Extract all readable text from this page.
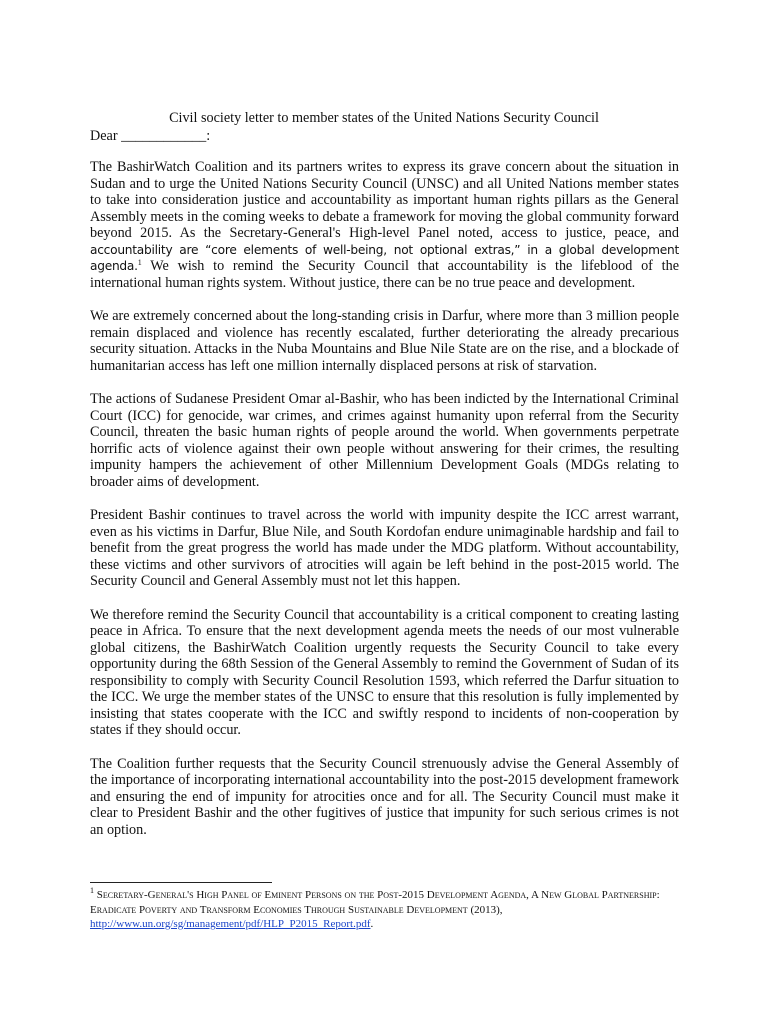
Civil society letter to member states of the United Nations Security Council
Dear ____________:

The BashirWatch Coalition and its partners writes to express its grave concern about the situation in Sudan and to urge the United Nations Security Council (UNSC) and all United Nations member states to take into consideration justice and accountability as important human rights pillars as the General Assembly meets in the coming weeks to debate a framework for moving the global community forward beyond 2015. As the Secretary-General's High-level Panel noted, access to justice, peace, and accountability are “core elements of well-being, not optional extras,” in a global development agenda.$^1$ We wish to remind the Security Council that accountability is the lifeblood of the international human rights system. Without justice, there can be no true peace and development.

We are extremely concerned about the long-standing crisis in Darfur, where more than 3 million people remain displaced and violence has recently escalated, further deteriorating the already precarious security situation. Attacks in the Nuba Mountains and Blue Nile State are on the rise, and a blockade of humanitarian access has left one million internally displaced persons at risk of starvation.

The actions of Sudanese President Omar al-Bashir, who has been indicted by the International Criminal Court (ICC) for genocide, war crimes, and crimes against humanity upon referral from the Security Council, threaten the basic human rights of people around the world. When governments perpetrate horrific acts of violence against their own people without answering for their crimes, the resulting impunity hampers the achievement of other Millennium Development Goals (MDGs relating to broader aims of development.

President Bashir continues to travel across the world with impunity despite the ICC arrest warrant, even as his victims in Darfur, Blue Nile, and South Kordofan endure unimaginable hardship and fail to benefit from the great progress the world has made under the MDG platform. Without accountability, these victims and other survivors of atrocities will again be left behind in the post-2015 world. The Security Council and General Assembly must not let this happen.

We therefore remind the Security Council that accountability is a critical component to creating lasting peace in Africa. To ensure that the next development agenda meets the needs of our most vulnerable global citizens, the BashirWatch Coalition urgently requests the Security Council to take every opportunity during the 68th Session of the General Assembly to remind the Government of Sudan of its responsibility to comply with Security Council Resolution 1593, which referred the Darfur situation to the ICC. We urge the member states of the UNSC to ensure that this resolution is fully implemented by insisting that states cooperate with the ICC and swiftly respond to incidents of non-cooperation by states if they should occur.

The Coalition further requests that the Security Council strenuously advise the General Assembly of the importance of incorporating international accountability into the post-2015 development framework and ensuring the end of impunity for atrocities once and for all. The Security Council must make it clear to President Bashir and the other fugitives of justice that impunity for such serious crimes is not an option.

$^1$ Secretary-General's High Panel of Eminent Persons on the Post-2015 Development Agenda, A New Global Partnership: Eradicate Poverty and Transform Economies Through Sustainable Development (2013),
http://www.un.org/sg/management/pdf/HLP_P2015_Report.pdf.
